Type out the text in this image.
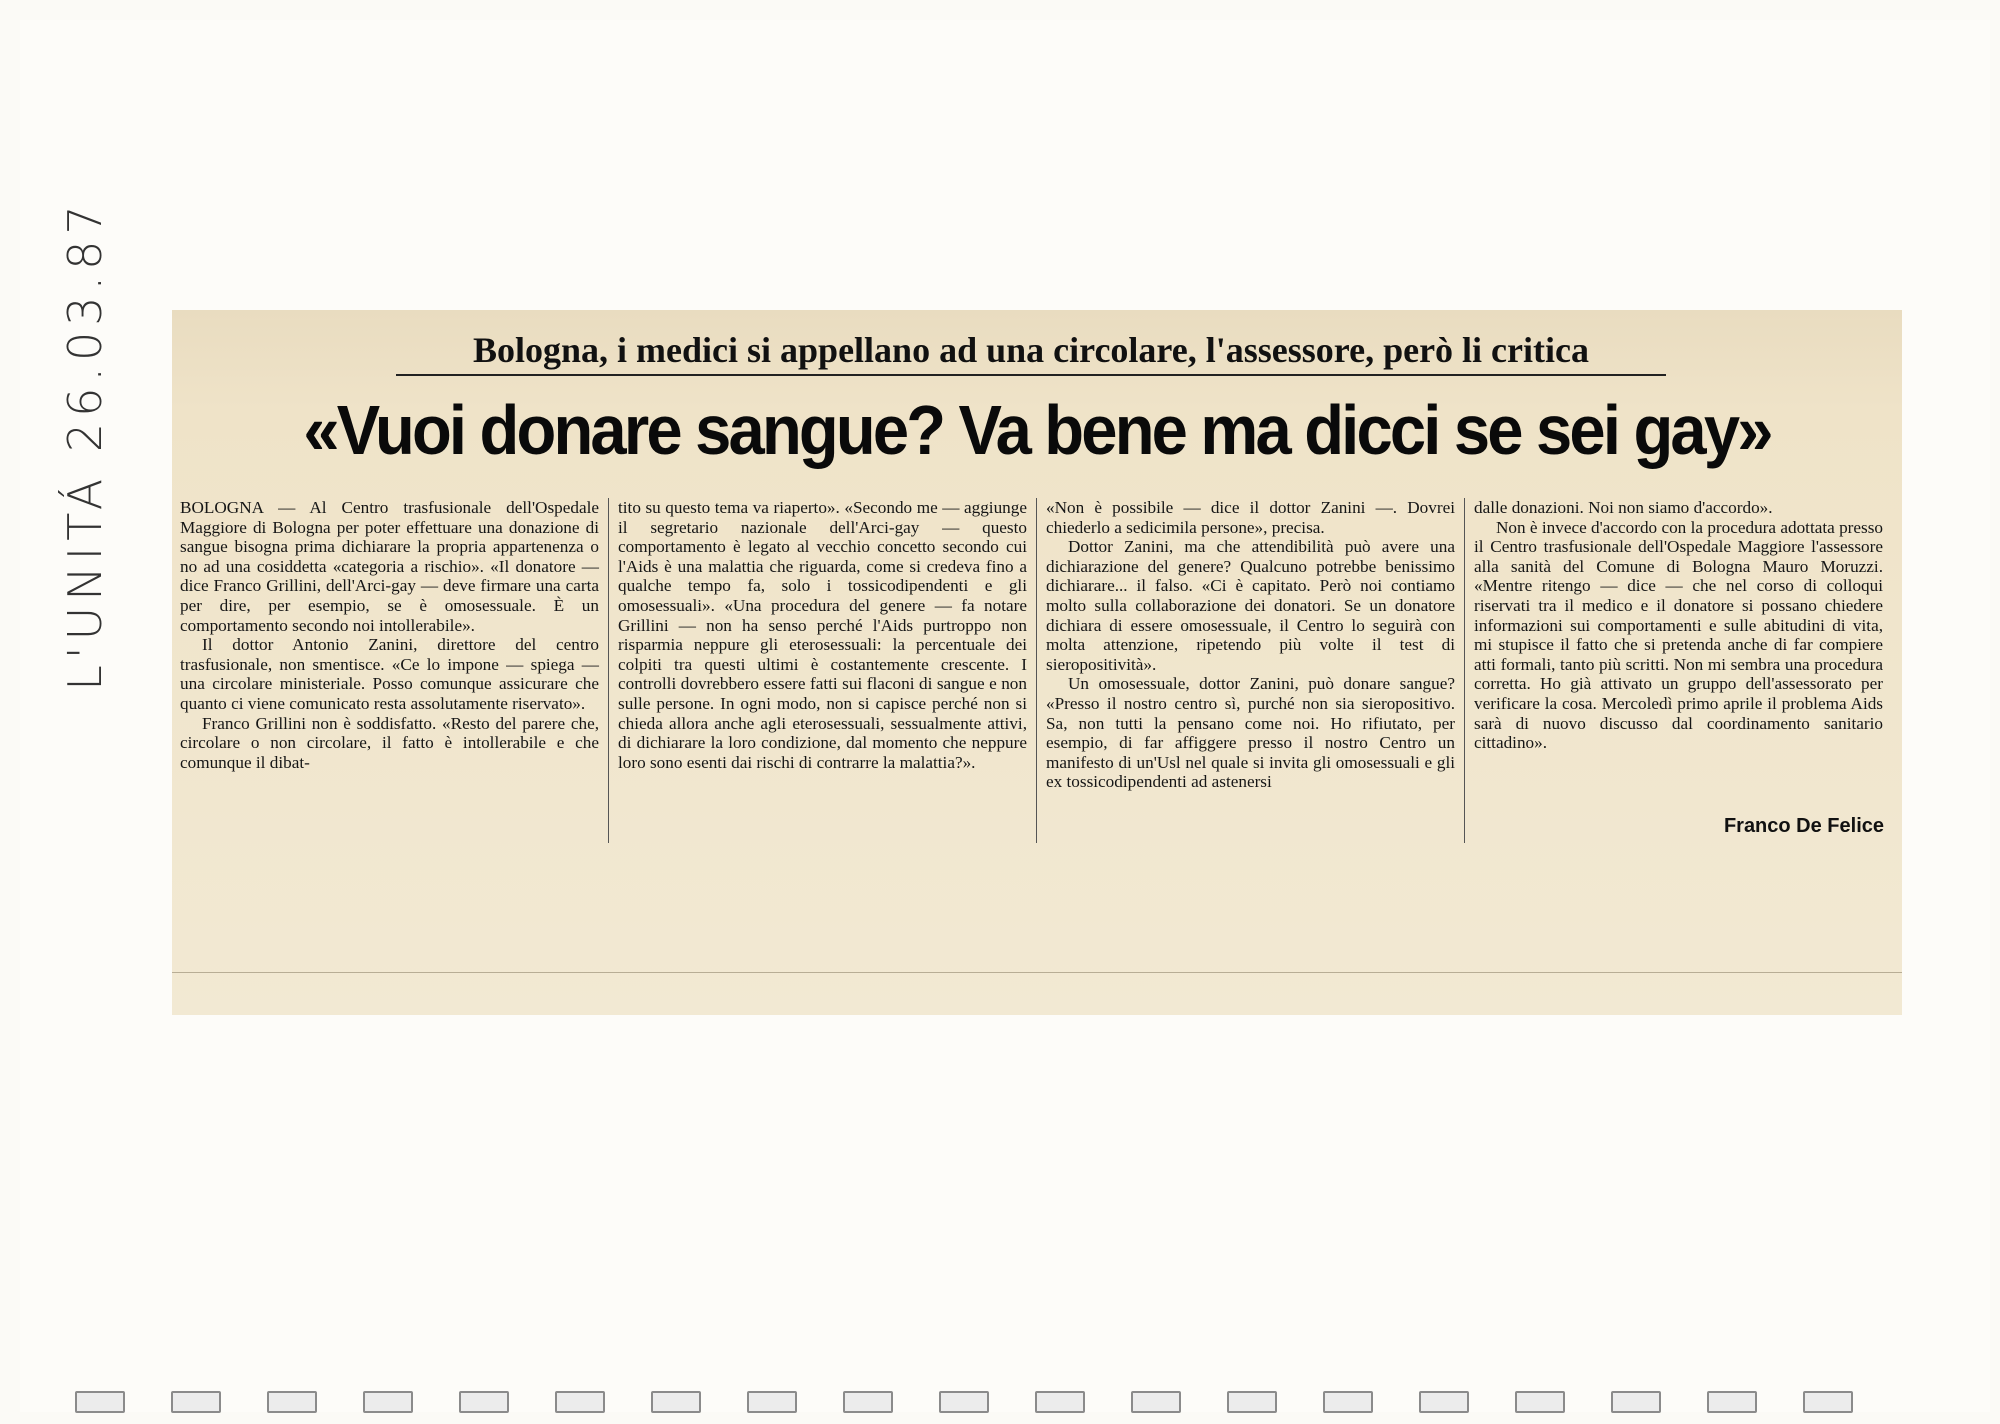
L'UNITÁ 26.03.87	Bologna, i medici si appellano ad una circolare, l'assessore, però li critica
«Vuoi donare sangue? Va bene ma dicci se sei gay»

BOLOGNA — Al Centro trasfusionale dell'Ospedale Maggiore di Bologna per poter effettuare una donazione di sangue bisogna prima dichiarare la propria appartenenza o no ad una cosiddetta «categoria a rischio». «Il donatore — dice Franco Grillini, dell'Arci-gay — deve firmare una carta per dire, per esempio, se è omosessuale. È un comportamento secondo noi intollerabile».

Il dottor Antonio Zanini, direttore del centro trasfusionale, non smentisce. «Ce lo impone — spiega — una circolare ministeriale. Posso comunque assicurare che quanto ci viene comunicato resta assolutamente riservato».

Franco Grillini non è soddisfatto. «Resto del parere che, circolare o non circolare, il fatto è intollerabile e che comunque il dibat-

tito su questo tema va riaperto». «Secondo me — aggiunge il segretario nazionale dell'Arci-gay — questo comportamento è legato al vecchio concetto secondo cui l'Aids è una malattia che riguarda, come si credeva fino a qualche tempo fa, solo i tossicodipendenti e gli omosessuali». «Una procedura del genere — fa notare Grillini — non ha senso perché l'Aids purtroppo non risparmia neppure gli eterosessuali: la percentuale dei colpiti tra questi ultimi è costantemente crescente. I controlli dovrebbero essere fatti sui flaconi di sangue e non sulle persone. In ogni modo, non si capisce perché non si chieda allora anche agli eterosessuali, sessualmente attivi, di dichiarare la loro condizione, dal momento che neppure loro sono esenti dai rischi di contrarre la malattia?».

«Non è possibile — dice il dottor Zanini —. Dovrei chiederlo a sedicimila persone», precisa.

Dottor Zanini, ma che attendibilità può avere una dichiarazione del genere? Qualcuno potrebbe benissimo dichiarare... il falso. «Ci è capitato. Però noi contiamo molto sulla collaborazione dei donatori. Se un donatore dichiara di essere omosessuale, il Centro lo seguirà con molta attenzione, ripetendo più volte il test di sieropositività».

Un omosessuale, dottor Zanini, può donare sangue? «Presso il nostro centro sì, purché non sia sieropositivo. Sa, non tutti la pensano come noi. Ho rifiutato, per esempio, di far affiggere presso il nostro Centro un manifesto di un'Usl nel quale si invita gli omosessuali e gli ex tossicodipendenti ad astenersi

dalle donazioni. Noi non siamo d'accordo».

Non è invece d'accordo con la procedura adottata presso il Centro trasfusionale dell'Ospedale Maggiore l'assessore alla sanità del Comune di Bologna Mauro Moruzzi. «Mentre ritengo — dice — che nel corso di colloqui riservati tra il medico e il donatore si possano chiedere informazioni sui comportamenti e sulle abitudini di vita, mi stupisce il fatto che si pretenda anche di far compiere atti formali, tanto più scritti. Non mi sembra una procedura corretta. Ho già attivato un gruppo dell'assessorato per verificare la cosa. Mercoledì primo aprile il problema Aids sarà di nuovo discusso dal coordinamento sanitario cittadino».

Franco De Felice
